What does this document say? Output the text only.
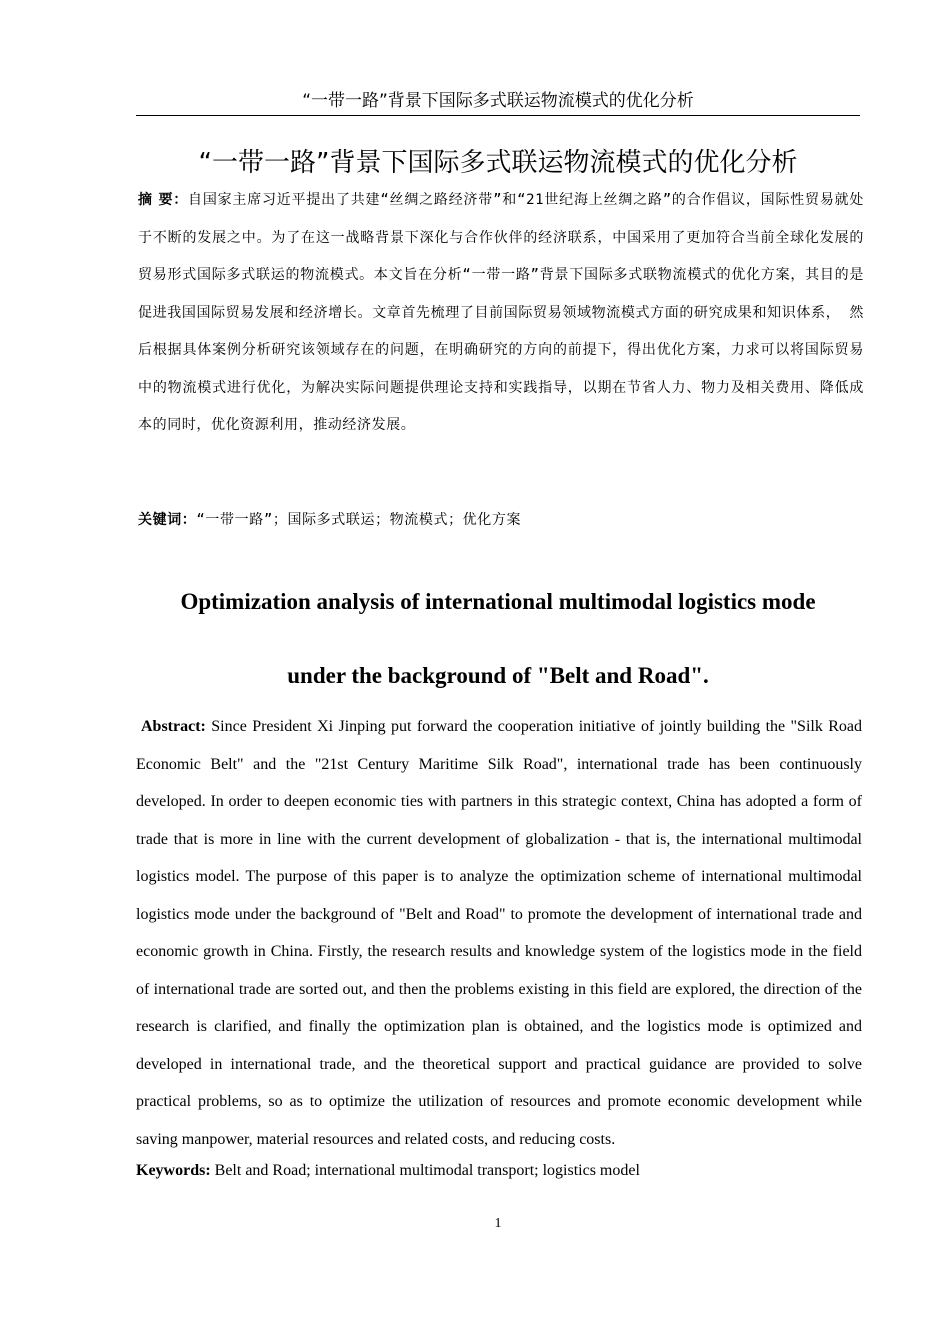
“一带一路”背景下国际多式联运物流模式的优化分析
“一带一路”背景下国际多式联运物流模式的优化分析

摘 要：自国家主席习近平提出了共建“丝绸之路经济带”和“21世纪海上丝绸之路”的合作倡议，国际性贸易就处于不断的发展之中。为了在这一战略背景下深化与合作伙伴的经济联系，中国采用了更加符合当前全球化发展的贸易形式国际多式联运的物流模式。本文旨在分析“一带一路”背景下国际多式联物流模式的优化方案，其目的是促进我国国际贸易发展和经济增长。文章首先梳理了目前国际贸易领域物流模式方面的研究成果和知识体系， 然后根据具体案例分析研究该领域存在的问题，在明确研究的方向的前提下，得出优化方案，力求可以将国际贸易中的物流模式进行优化，为解决实际问题提供理论支持和实践指导，以期在节省人力、物力及相关费用、降低成本的同时，优化资源利用，推动经济发展。

关键词：“一带一路”；国际多式联运；物流模式；优化方案

Optimization analysis of international multimodal logistics mode
under the background of "Belt and Road".

Abstract: Since President Xi Jinping put forward the cooperation initiative of jointly building the "Silk Road Economic Belt" and the "21st Century Maritime Silk Road", international trade has been continuously developed. In order to deepen economic ties with partners in this strategic context, China has adopted a form of trade that is more in line with the current development of globalization - that is, the international multimodal logistics model. The purpose of this paper is to analyze the optimization scheme of international multimodal logistics mode under the background of "Belt and Road" to promote the development of international trade and economic growth in China. Firstly, the research results and knowledge system of the logistics mode in the field of international trade are sorted out, and then the problems existing in this field are explored, the direction of the research is clarified, and finally the optimization plan is obtained, and the logistics mode is optimized and developed in international trade, and the theoretical support and practical guidance are provided to solve practical problems, so as to optimize the utilization of resources and promote economic development while saving manpower, material resources and related costs, and reducing costs.

Keywords: Belt and Road; international multimodal transport; logistics model

1
